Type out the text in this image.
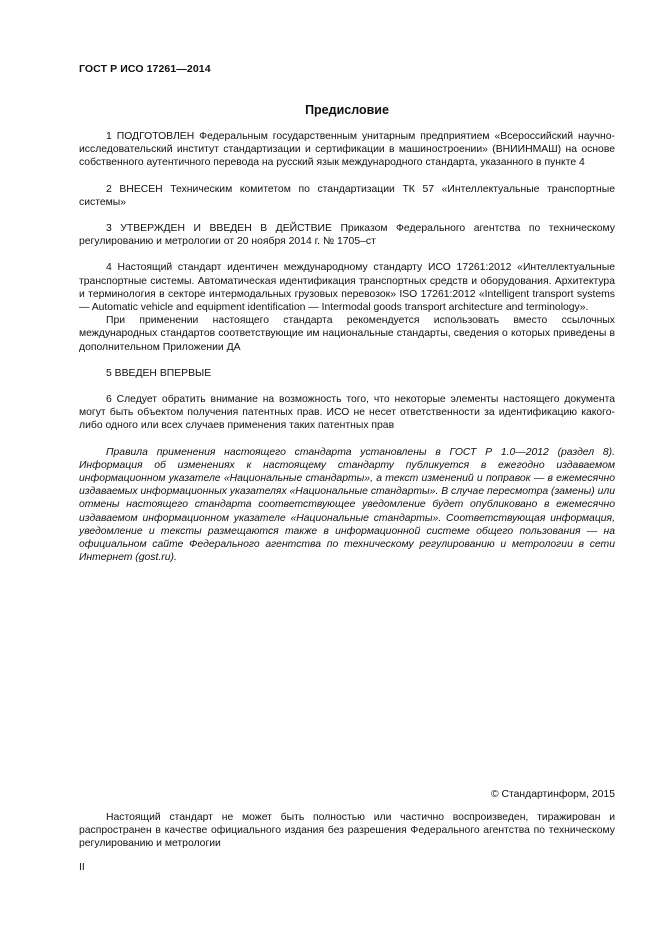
ГОСТ Р ИСО 17261—2014
Предисловие

1 ПОДГОТОВЛЕН Федеральным государственным унитарным предприятием «Всероссийский научно-исследовательский институт стандартизации и сертификации в машиностроении» (ВНИИНМАШ) на основе собственного аутентичного перевода на русский язык международного стандарта, указанного в пункте 4

2 ВНЕСЕН Техническим комитетом по стандартизации ТК 57 «Интеллектуальные транспортные системы»

3 УТВЕРЖДЕН И ВВЕДЕН В ДЕЙСТВИЕ Приказом Федерального агентства по техническому регулированию и метрологии от 20 ноября 2014 г. № 1705–ст

4 Настоящий стандарт идентичен международному стандарту ИСО 17261:2012 «Интеллектуальные транспортные системы. Автоматическая идентификация транспортных средств и оборудования. Архитектура и терминология в секторе интермодальных грузовых перевозок» ISO 17261:2012 «Intelligent transport systems — Automatic vehicle and equipment identification — Intermodal goods transport architecture and terminology».

При применении настоящего стандарта рекомендуется использовать вместо ссылочных международных стандартов соответствующие им национальные стандарты, сведения о которых приведены в дополнительном Приложении ДА

5 ВВЕДЕН ВПЕРВЫЕ

6 Следует обратить внимание на возможность того, что некоторые элементы настоящего документа могут быть объектом получения патентных прав. ИСО не несет ответственности за идентификацию какого-либо одного или всех случаев применения таких патентных прав

Правила применения настоящего стандарта установлены в ГОСТ Р 1.0—2012 (раздел 8). Информация об изменениях к настоящему стандарту публикуется в ежегодно издаваемом информационном указателе «Национальные стандарты», а текст изменений и поправок — в ежемесячно издаваемых информационных указателях «Национальные стандарты». В случае пересмотра (замены) или отмены настоящего стандарта соответствующее уведомление будет опубликовано в ежемесячно издаваемом информационном указателе «Национальные стандарты». Соответствующая информация, уведомление и тексты размещаются также в информационной системе общего пользования — на официальном сайте Федерального агентства по техническому регулированию и метрологии в сети Интернет (gost.ru).

© Стандартинформ, 2015

Настоящий стандарт не может быть полностью или частично воспроизведен, тиражирован и распространен в качестве официального издания без разрешения Федерального агентства по техническому регулированию и метрологии

II
